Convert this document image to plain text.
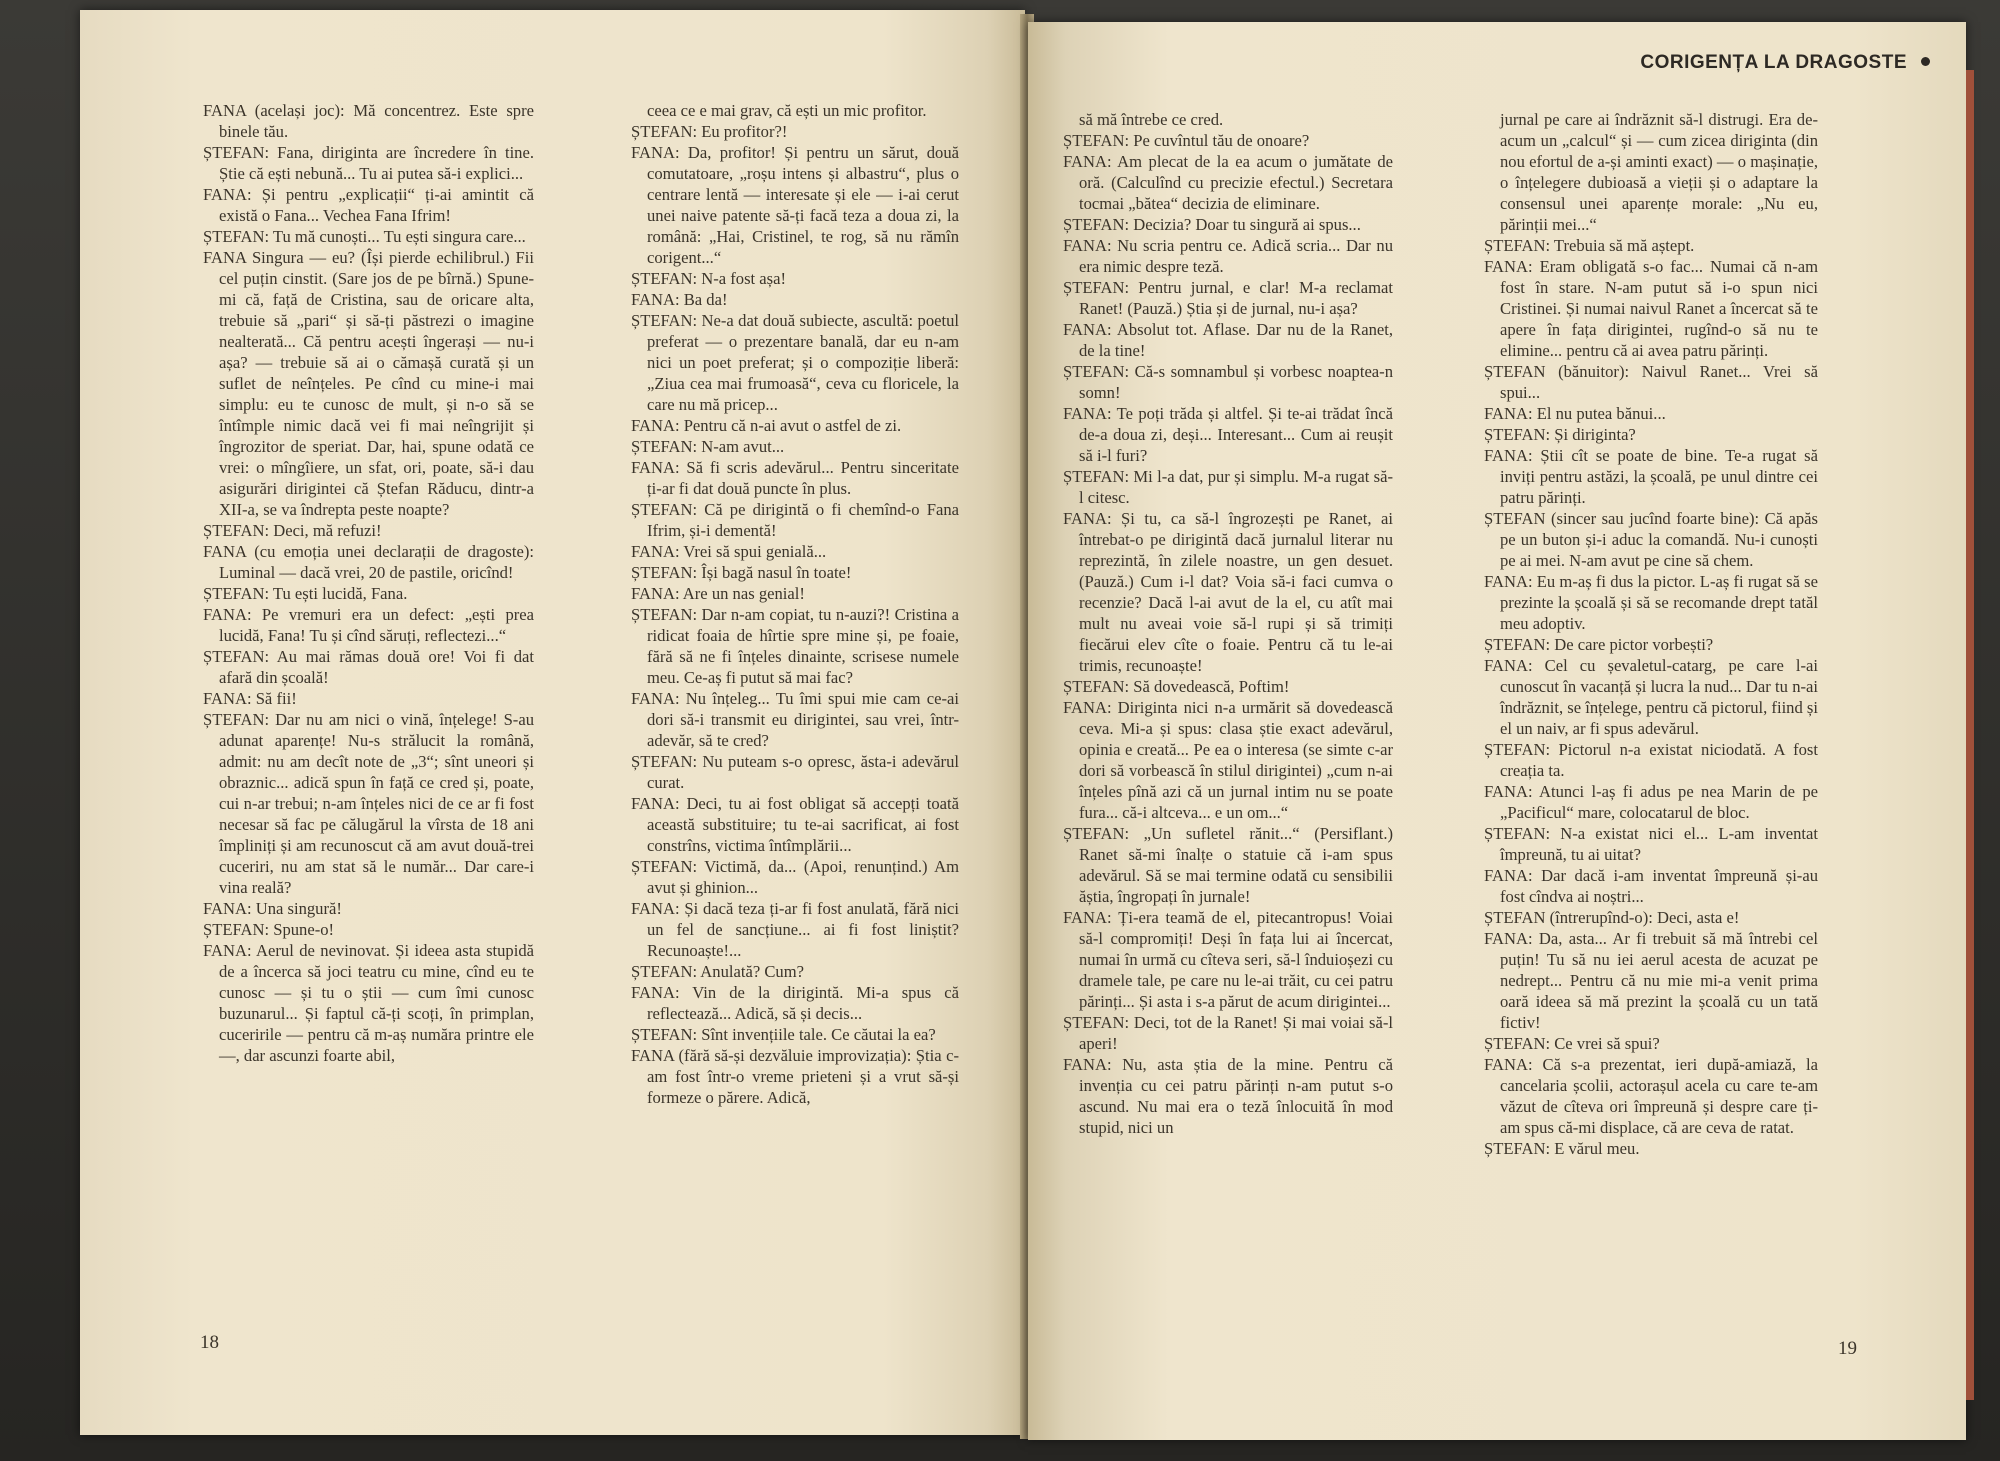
FANA (același joc): Mă concentrez. Este spre binele tău.

ȘTEFAN: Fana, diriginta are încredere în tine. Știe că ești nebună... Tu ai putea să-i explici...

FANA: Și pentru „explicații“ ți-ai amintit că există o Fana... Vechea Fana Ifrim!

ȘTEFAN: Tu mă cunoști... Tu ești singura care...

FANA Singura — eu? (Își pierde echilibrul.) Fii cel puțin cinstit. (Sare jos de pe bîrnă.) Spune-mi că, față de Cristina, sau de oricare alta, trebuie să „pari“ și să-ți păstrezi o imagine nealterată... Că pentru acești îngerași — nu-i așa? — trebuie să ai o cămașă curată și un suflet de neînțeles. Pe cînd cu mine-i mai simplu: eu te cunosc de mult, și n-o să se întîmple nimic dacă vei fi mai neîngrijit și îngrozitor de speriat. Dar, hai, spune odată ce vrei: o mîngîiere, un sfat, ori, poate, să-i dau asigurări dirigintei că Ștefan Răducu, dintr-a XII-a, se va îndrepta peste noapte?

ȘTEFAN: Deci, mă refuzi!

FANA (cu emoția unei declarații de dragoste): Luminal — dacă vrei, 20 de pastile, oricînd!

ȘTEFAN: Tu ești lucidă, Fana.

FANA: Pe vremuri era un defect: „ești prea lucidă, Fana! Tu și cînd săruți, reflectezi...“

ȘTEFAN: Au mai rămas două ore! Voi fi dat afară din școală!

FANA: Să fii!

ȘTEFAN: Dar nu am nici o vină, înțelege! S-au adunat aparențe! Nu-s strălucit la română, admit: nu am decît note de „3“; sînt uneori și obraznic... adică spun în față ce cred și, poate, cui n-ar trebui; n-am înțeles nici de ce ar fi fost necesar să fac pe călugărul la vîrsta de 18 ani împliniți și am recunoscut că am avut două-trei cuceriri, nu am stat să le număr... Dar care-i vina reală?

FANA: Una singură!

ȘTEFAN: Spune-o!

FANA: Aerul de nevinovat. Și ideea asta stupidă de a încerca să joci teatru cu mine, cînd eu te cunosc — și tu o știi — cum îmi cunosc buzunarul... Și faptul că-ți scoți, în primplan, cuceririle — pentru că m-aș număra printre ele —, dar ascunzi foarte abil,

ceea ce e mai grav, că ești un mic profitor.

ȘTEFAN: Eu profitor?!

FANA: Da, profitor! Și pentru un sărut, două comutatoare, „roșu intens și albastru“, plus o centrare lentă — interesate și ele — i-ai cerut unei naive patente să-ți facă teza a doua zi, la română: „Hai, Cristinel, te rog, să nu rămîn corigent...“

ȘTEFAN: N-a fost așa!

FANA: Ba da!

ȘTEFAN: Ne-a dat două subiecte, ascultă: poetul preferat — o prezentare banală, dar eu n-am nici un poet preferat; și o compoziție liberă: „Ziua cea mai frumoasă“, ceva cu floricele, la care nu mă pricep...

FANA: Pentru că n-ai avut o astfel de zi.

ȘTEFAN: N-am avut...

FANA: Să fi scris adevărul... Pentru sinceritate ți-ar fi dat două puncte în plus.

ȘTEFAN: Că pe dirigintă o fi chemînd-o Fana Ifrim, și-i dementă!

FANA: Vrei să spui genială...

ȘTEFAN: Își bagă nasul în toate!

FANA: Are un nas genial!

ȘTEFAN: Dar n-am copiat, tu n-auzi?! Cristina a ridicat foaia de hîrtie spre mine și, pe foaie, fără să ne fi înțeles dinainte, scrisese numele meu. Ce-aș fi putut să mai fac?

FANA: Nu înțeleg... Tu îmi spui mie cam ce-ai dori să-i transmit eu dirigintei, sau vrei, într-adevăr, să te cred?

ȘTEFAN: Nu puteam s-o opresc, ăsta-i adevărul curat.

FANA: Deci, tu ai fost obligat să accepți toată această substituire; tu te-ai sacrificat, ai fost constrîns, victima întîmplării...

ȘTEFAN: Victimă, da... (Apoi, renunțind.) Am avut și ghinion...

FANA: Și dacă teza ți-ar fi fost anulată, fără nici un fel de sancțiune... ai fi fost liniștit? Recunoaște!...

ȘTEFAN: Anulată? Cum?

FANA: Vin de la dirigintă. Mi-a spus că reflectează... Adică, să și decis...

ȘTEFAN: Sînt invențiile tale. Ce căutai la ea?

FANA (fără să-și dezvăluie improvizația): Știa c-am fost într-o vreme prieteni și a vrut să-și formeze o părere. Adică,

18

să mă întrebe ce cred.

ȘTEFAN: Pe cuvîntul tău de onoare?

FANA: Am plecat de la ea acum o jumătate de oră. (Calculînd cu precizie efectul.) Secretara tocmai „bătea“ decizia de eliminare.

ȘTEFAN: Decizia? Doar tu singură ai spus...

FANA: Nu scria pentru ce. Adică scria... Dar nu era nimic despre teză.

ȘTEFAN: Pentru jurnal, e clar! M-a reclamat Ranet! (Pauză.) Știa și de jurnal, nu-i așa?

FANA: Absolut tot. Aflase. Dar nu de la Ranet, de la tine!

ȘTEFAN: Că-s somnambul și vorbesc noaptea-n somn!

FANA: Te poți trăda și altfel. Și te-ai trădat încă de-a doua zi, deși... Interesant... Cum ai reușit să i-l furi?

ȘTEFAN: Mi l-a dat, pur și simplu. M-a rugat să-l citesc.

FANA: Și tu, ca să-l îngrozești pe Ranet, ai întrebat-o pe dirigintă dacă jurnalul literar nu reprezintă, în zilele noastre, un gen desuet. (Pauză.) Cum i-l dat? Voia să-i faci cumva o recenzie? Dacă l-ai avut de la el, cu atît mai mult nu aveai voie să-l rupi și să trimiți fiecărui elev cîte o foaie. Pentru că tu le-ai trimis, recunoaște!

ȘTEFAN: Să dovedească, Poftim!

FANA: Diriginta nici n-a urmărit să dovedească ceva. Mi-a și spus: clasa știe exact adevărul, opinia e creată... Pe ea o interesa (se simte c-ar dori să vorbească în stilul dirigintei) „cum n-ai înțeles pînă azi că un jurnal intim nu se poate fura... că-i altceva... e un om...“

ȘTEFAN: „Un sufletel rănit...“ (Persiflant.) Ranet să-mi înalțe o statuie că i-am spus adevărul. Să se mai termine odată cu sensibilii ăștia, îngropați în jurnale!

FANA: Ți-era teamă de el, pitecantropus! Voiai să-l compromiți! Deși în fața lui ai încercat, numai în urmă cu cîteva seri, să-l înduioșezi cu dramele tale, pe care nu le-ai trăit, cu cei patru părinți... Și asta i s-a părut de acum dirigintei...

ȘTEFAN: Deci, tot de la Ranet! Și mai voiai să-l aperi!

FANA: Nu, asta știa de la mine. Pentru că invenția cu cei patru părinți n-am putut s-o ascund. Nu mai era o teză înlocuită în mod stupid, nici un

jurnal pe care ai îndrăznit să-l distrugi. Era de-acum un „calcul“ și — cum zicea diriginta (din nou efortul de a-și aminti exact) — o mașinație, o înțelegere dubioasă a vieții și o adaptare la consensul unei aparențe morale: „Nu eu, părinții mei...“

ȘTEFAN: Trebuia să mă aștept.

FANA: Eram obligată s-o fac... Numai că n-am fost în stare. N-am putut să i-o spun nici Cristinei. Și numai naivul Ranet a încercat să te apere în fața dirigintei, rugînd-o să nu te elimine... pentru că ai avea patru părinți.

ȘTEFAN (bănuitor): Naivul Ranet... Vrei să spui...

FANA: El nu putea bănui...

ȘTEFAN: Și diriginta?

FANA: Știi cît se poate de bine. Te-a rugat să inviți pentru astăzi, la școală, pe unul dintre cei patru părinți.

ȘTEFAN (sincer sau jucînd foarte bine): Că apăs pe un buton și-i aduc la comandă. Nu-i cunoști pe ai mei. N-am avut pe cine să chem.

FANA: Eu m-aș fi dus la pictor. L-aș fi rugat să se prezinte la școală și să se recomande drept tatăl meu adoptiv.

ȘTEFAN: De care pictor vorbești?

FANA: Cel cu șevaletul-catarg, pe care l-ai cunoscut în vacanță și lucra la nud... Dar tu n-ai îndrăznit, se înțelege, pentru că pictorul, fiind și el un naiv, ar fi spus adevărul.

ȘTEFAN: Pictorul n-a existat niciodată. A fost creația ta.

FANA: Atunci l-aș fi adus pe nea Marin de pe „Pacificul“ mare, colocatarul de bloc.

ȘTEFAN: N-a existat nici el... L-am inventat împreună, tu ai uitat?

FANA: Dar dacă i-am inventat împreună și-au fost cîndva ai noștri...

ȘTEFAN (întrerupînd-o): Deci, asta e!

FANA: Da, asta... Ar fi trebuit să mă întrebi cel puțin! Tu să nu iei aerul acesta de acuzat pe nedrept... Pentru că nu mie mi-a venit prima oară ideea să mă prezint la școală cu un tată fictiv!

ȘTEFAN: Ce vrei să spui?

FANA: Că s-a prezentat, ieri după-amiază, la cancelaria școlii, actorașul acela cu care te-am văzut de cîteva ori împreună și despre care ți-am spus că-mi displace, că are ceva de ratat.

ȘTEFAN: E vărul meu.

19
CORIGENȚA LA DRAGOSTE
